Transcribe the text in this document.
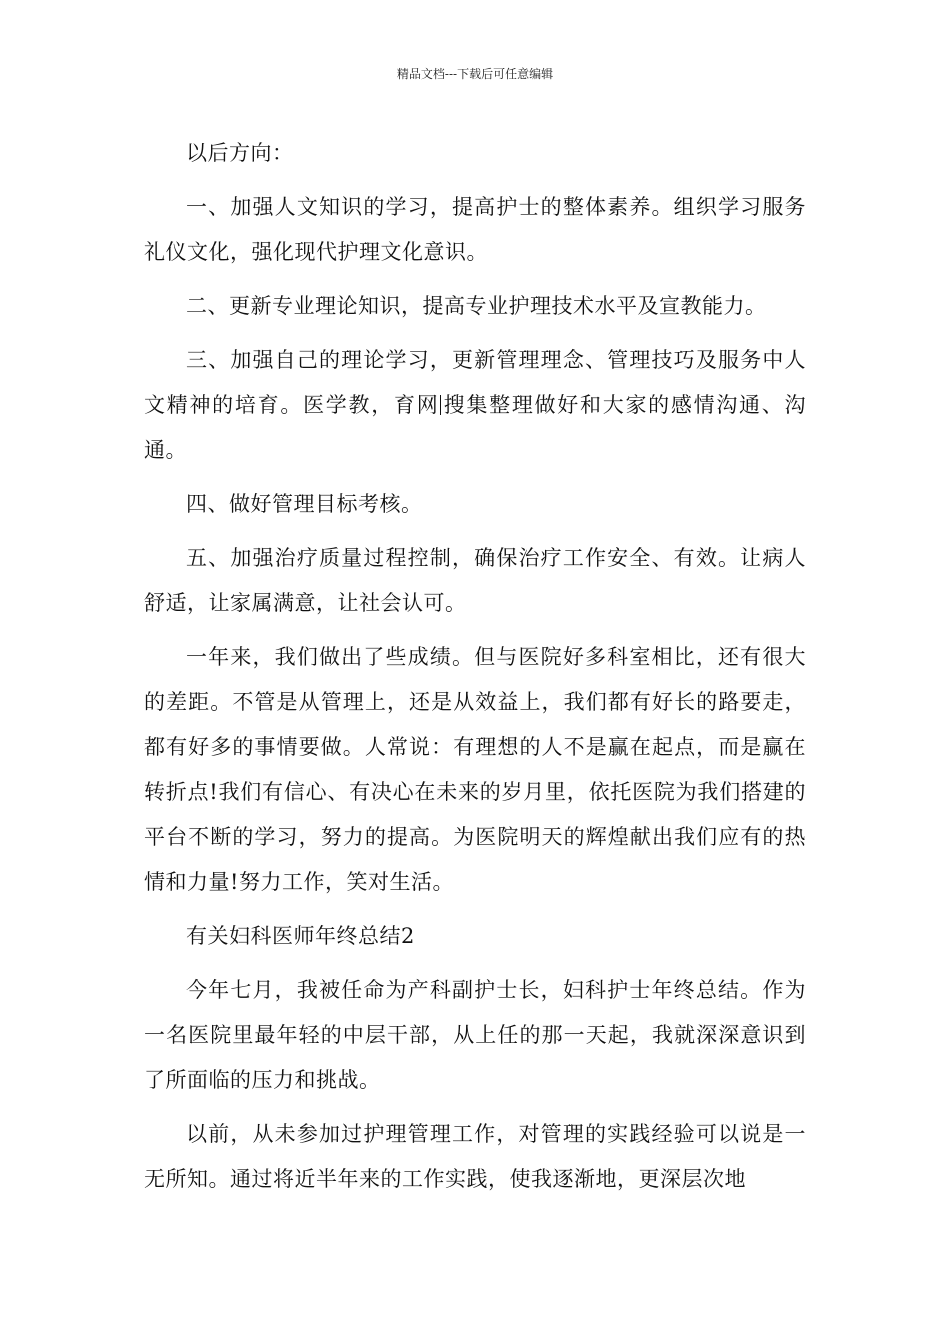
精品文档---下载后可任意编辑

以后方向：

一、加强人文知识的学习，提高护士的整体素养。组织学习服务礼仪文化，强化现代护理文化意识。

二、更新专业理论知识，提高专业护理技术水平及宣教能力。

三、加强自己的理论学习，更新管理理念、管理技巧及服务中人文精神的培育。医学教，育网 搜集整理做好和大家的感情沟通、沟通。

四、做好管理目标考核。

五、加强治疗质量过程控制，确保治疗工作安全、有效。让病人舒适，让家属满意，让社会认可。

一年来，我们做出了些成绩。但与医院好多科室相比，还有很大的差距。不管是从管理上，还是从效益上，我们都有好长的路要走，都有好多的事情要做。人常说：有理想的人不是赢在起点，而是赢在转折点!我们有信心、有决心在未来的岁月里，依托医院为我们搭建的平台不断的学习，努力的提高。为医院明天的辉煌献出我们应有的热情和力量!努力工作，笑对生活。

有关妇科医师年终总结2

今年七月，我被任命为产科副护士长，妇科护士年终总结。作为一名医院里最年轻的中层干部，从上任的那一天起，我就深深意识到了所面临的压力和挑战。

以前，从未参加过护理管理工作，对管理的实践经验可以说是一无所知。通过将近半年来的工作实践，使我逐渐地，更深层次地
